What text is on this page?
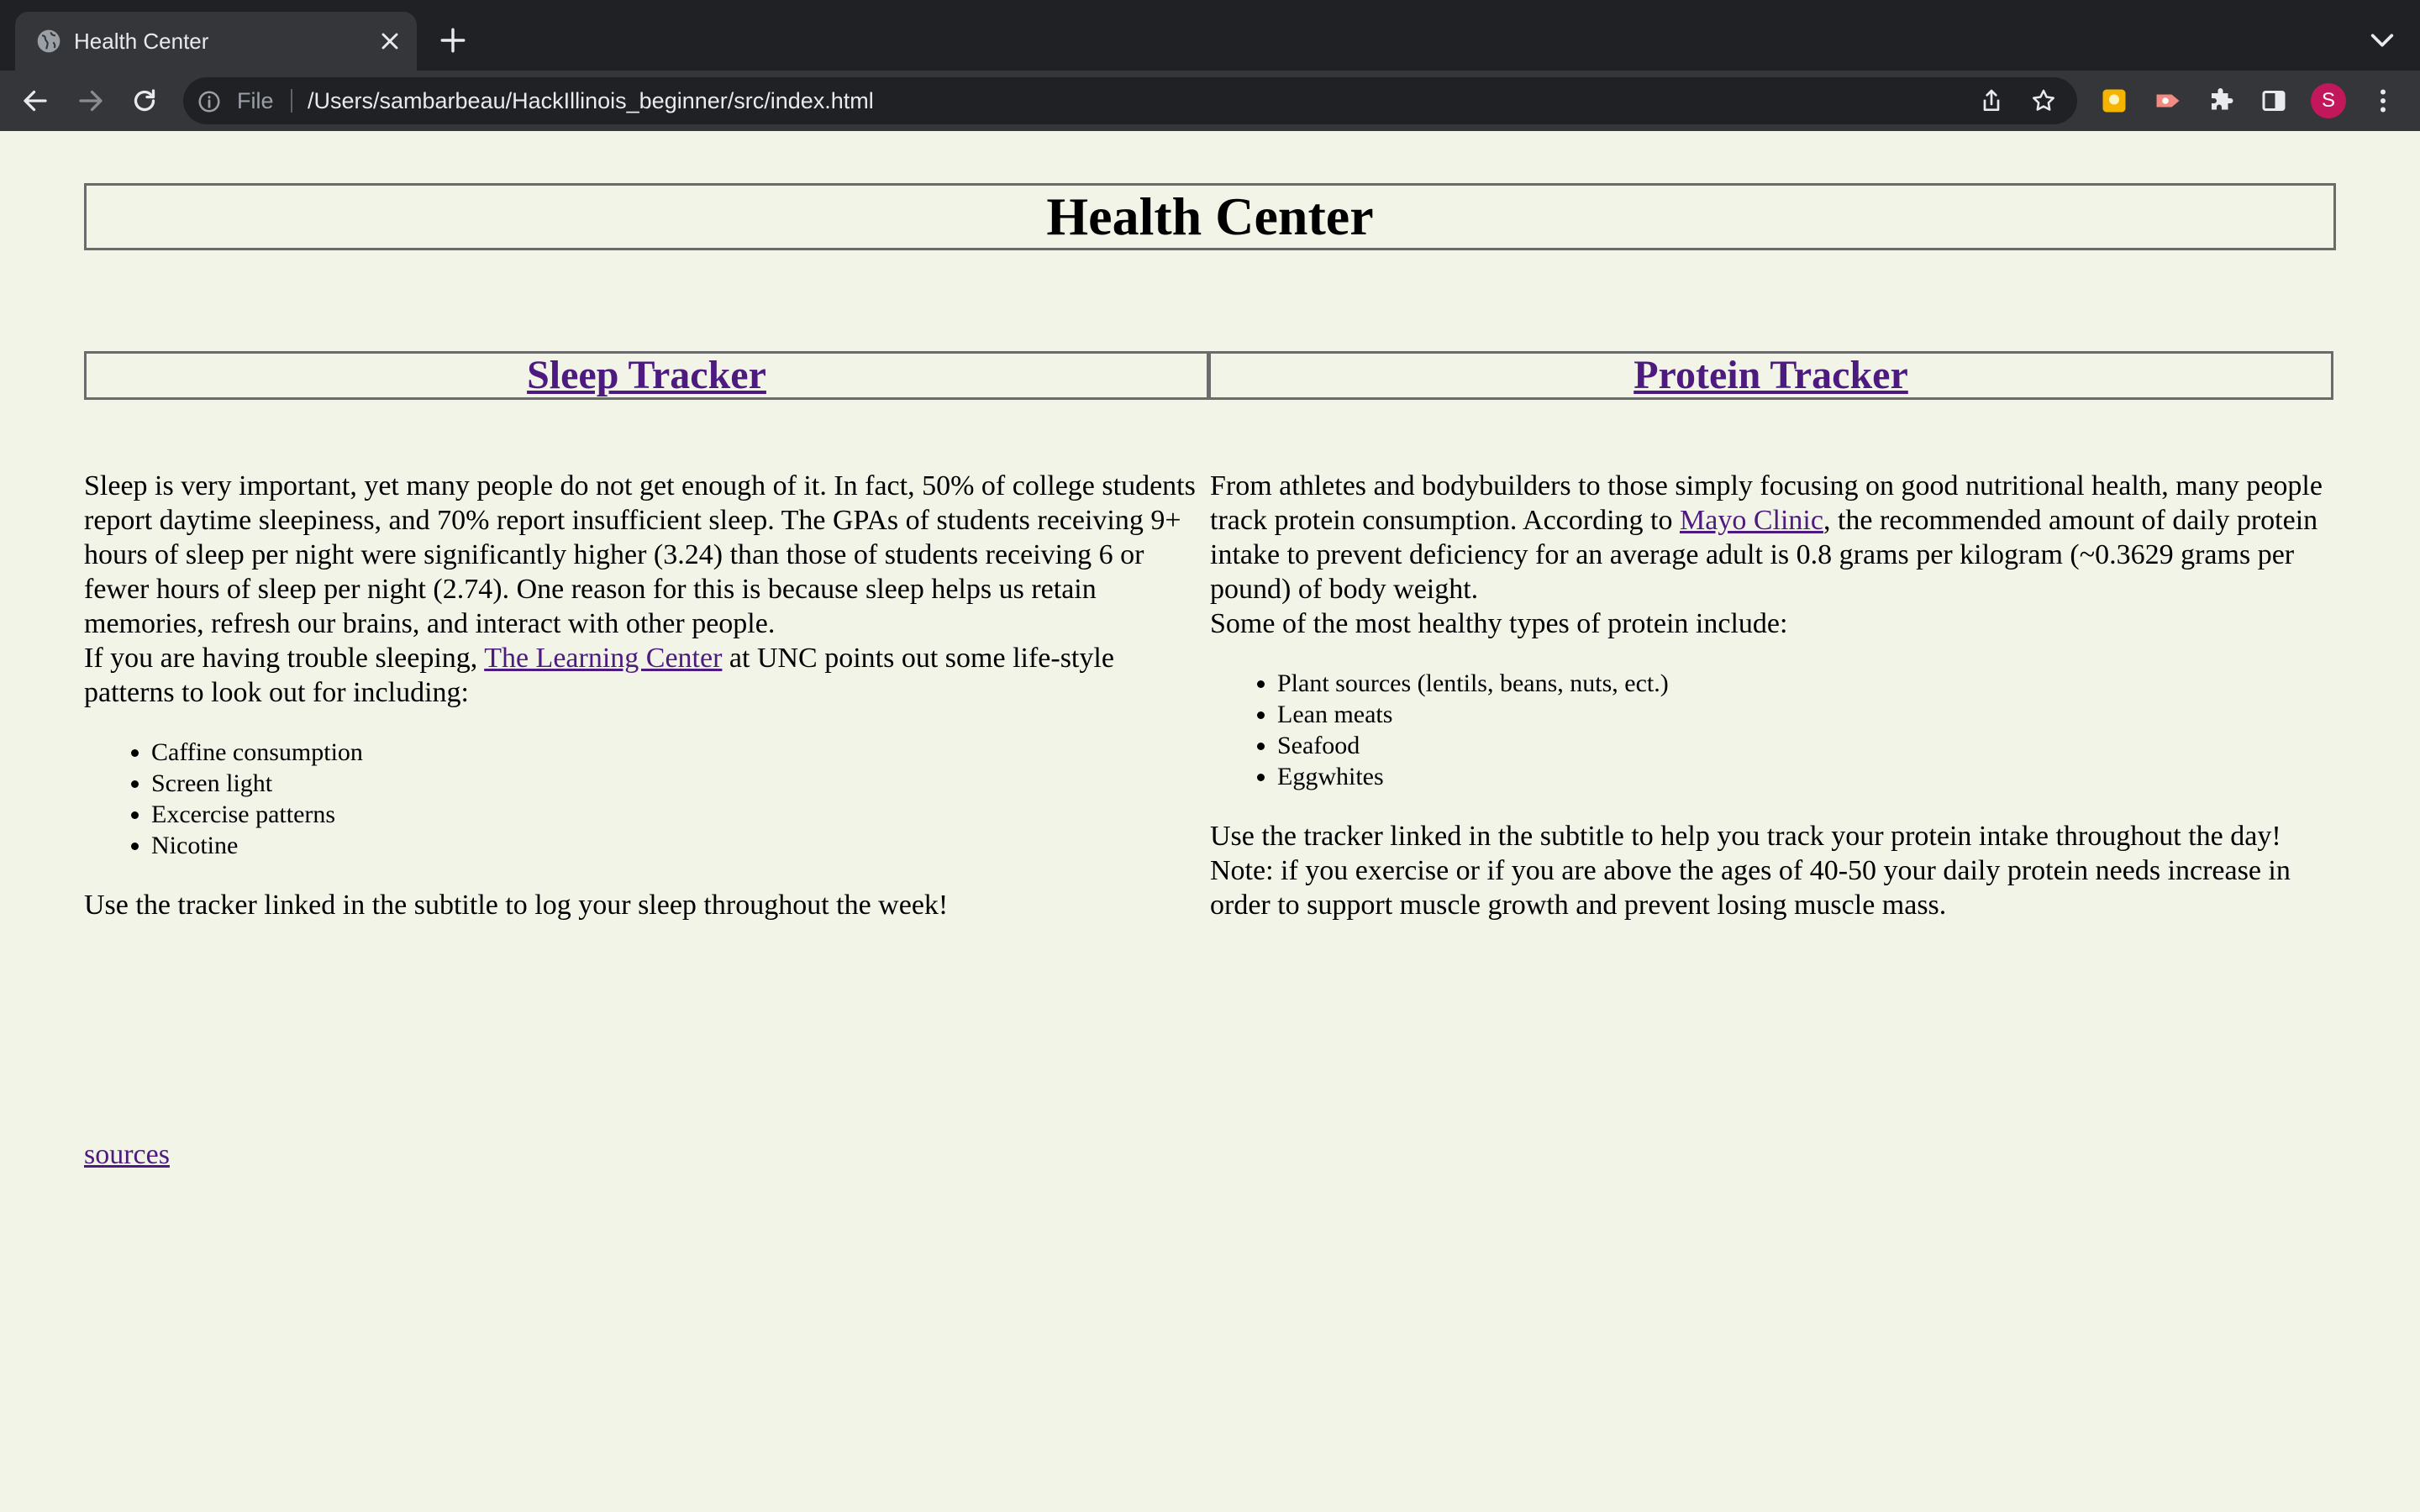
Health Center
File /Users/sambarbeau/HackIllinois_beginner/src/index.html	S
Health Center
Sleep Tracker	Protein Tracker

Sleep is very important, yet many people do not get enough of it. In fact, 50% of college students report daytime sleepiness, and 70% report insufficient sleep. The GPAs of students receiving 9+ hours of sleep per night were significantly higher (3.24) than those of students receiving 6 or fewer hours of sleep per night (2.74). One reason for this is because sleep helps us retain memories, refresh our brains, and interact with other people.

If you are having trouble sleeping, The Learning Center at UNC points out some life-style patterns to look out for including:

• Caffine consumption
• Screen light
• Excercise patterns
• Nicotine

Use the tracker linked in the subtitle to log your sleep throughout the week!

From athletes and bodybuilders to those simply focusing on good nutritional health, many people track protein consumption. According to Mayo Clinic, the recommended amount of daily protein intake to prevent deficiency for an average adult is 0.8 grams per kilogram (~0.3629 grams per pound) of body weight.

Some of the most healthy types of protein include:

• Plant sources (lentils, beans, nuts, ect.)
• Lean meats
• Seafood
• Eggwhites

Use the tracker linked in the subtitle to help you track your protein intake throughout the day! Note: if you exercise or if you are above the ages of 40-50 your daily protein needs increase in order to support muscle growth and prevent losing muscle mass.

sources
